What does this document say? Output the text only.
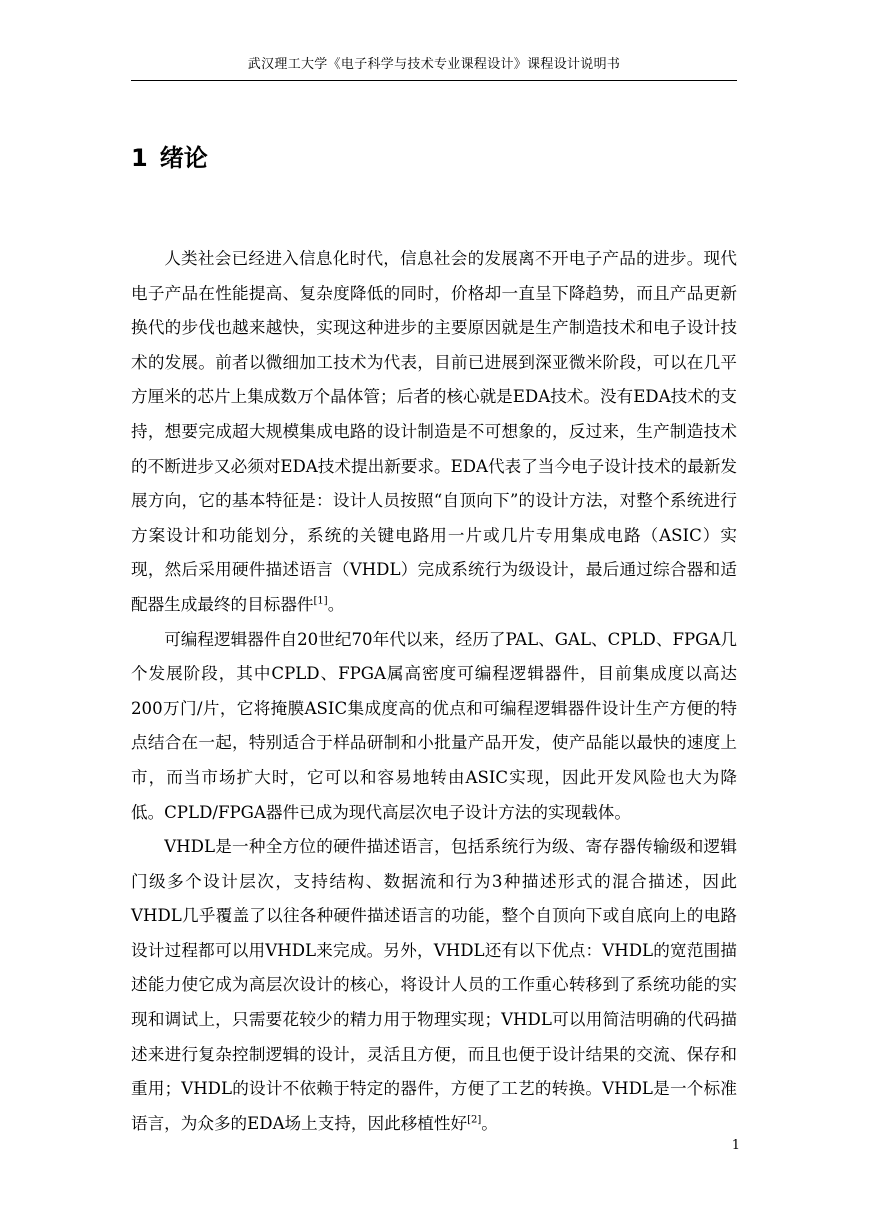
武汉理工大学《电子科学与技术专业课程设计》课程设计说明书
1 绪论

人类社会已经进入信息化时代，信息社会的发展离不开电子产品的进步。现代电子产品在性能提高、复杂度降低的同时，价格却一直呈下降趋势，而且产品更新换代的步伐也越来越快，实现这种进步的主要原因就是生产制造技术和电子设计技术的发展。前者以微细加工技术为代表，目前已进展到深亚微米阶段，可以在几平方厘米的芯片上集成数万个晶体管；后者的核心就是EDA技术。没有EDA技术的支持，想要完成超大规模集成电路的设计制造是不可想象的，反过来，生产制造技术的不断进步又必须对EDA技术提出新要求。EDA代表了当今电子设计技术的最新发展方向，它的基本特征是：设计人员按照“自顶向下”的设计方法，对整个系统进行方案设计和功能划分，系统的关键电路用一片或几片专用集成电路（ASIC）实现，然后采用硬件描述语言（VHDL）完成系统行为级设计，最后通过综合器和适配器生成最终的目标器件[1]。

可编程逻辑器件自20世纪70年代以来，经历了PAL、GAL、CPLD、FPGA几个发展阶段，其中CPLD、FPGA属高密度可编程逻辑器件，目前集成度以高达200万门/片，它将掩膜ASIC集成度高的优点和可编程逻辑器件设计生产方便的特点结合在一起，特别适合于样品研制和小批量产品开发，使产品能以最快的速度上市，而当市场扩大时，它可以和容易地转由ASIC实现，因此开发风险也大为降低。CPLD/FPGA器件已成为现代高层次电子设计方法的实现载体。

VHDL是一种全方位的硬件描述语言，包括系统行为级、寄存器传输级和逻辑门级多个设计层次，支持结构、数据流和行为3种描述形式的混合描述，因此VHDL几乎覆盖了以往各种硬件描述语言的功能，整个自顶向下或自底向上的电路设计过程都可以用VHDL来完成。另外，VHDL还有以下优点：VHDL的宽范围描述能力使它成为高层次设计的核心，将设计人员的工作重心转移到了系统功能的实现和调试上，只需要花较少的精力用于物理实现；VHDL可以用简洁明确的代码描述来进行复杂控制逻辑的设计，灵活且方便，而且也便于设计结果的交流、保存和重用；VHDL的设计不依赖于特定的器件，方便了工艺的转换。VHDL是一个标准语言，为众多的EDA场上支持，因此移植性好[2]。

1
